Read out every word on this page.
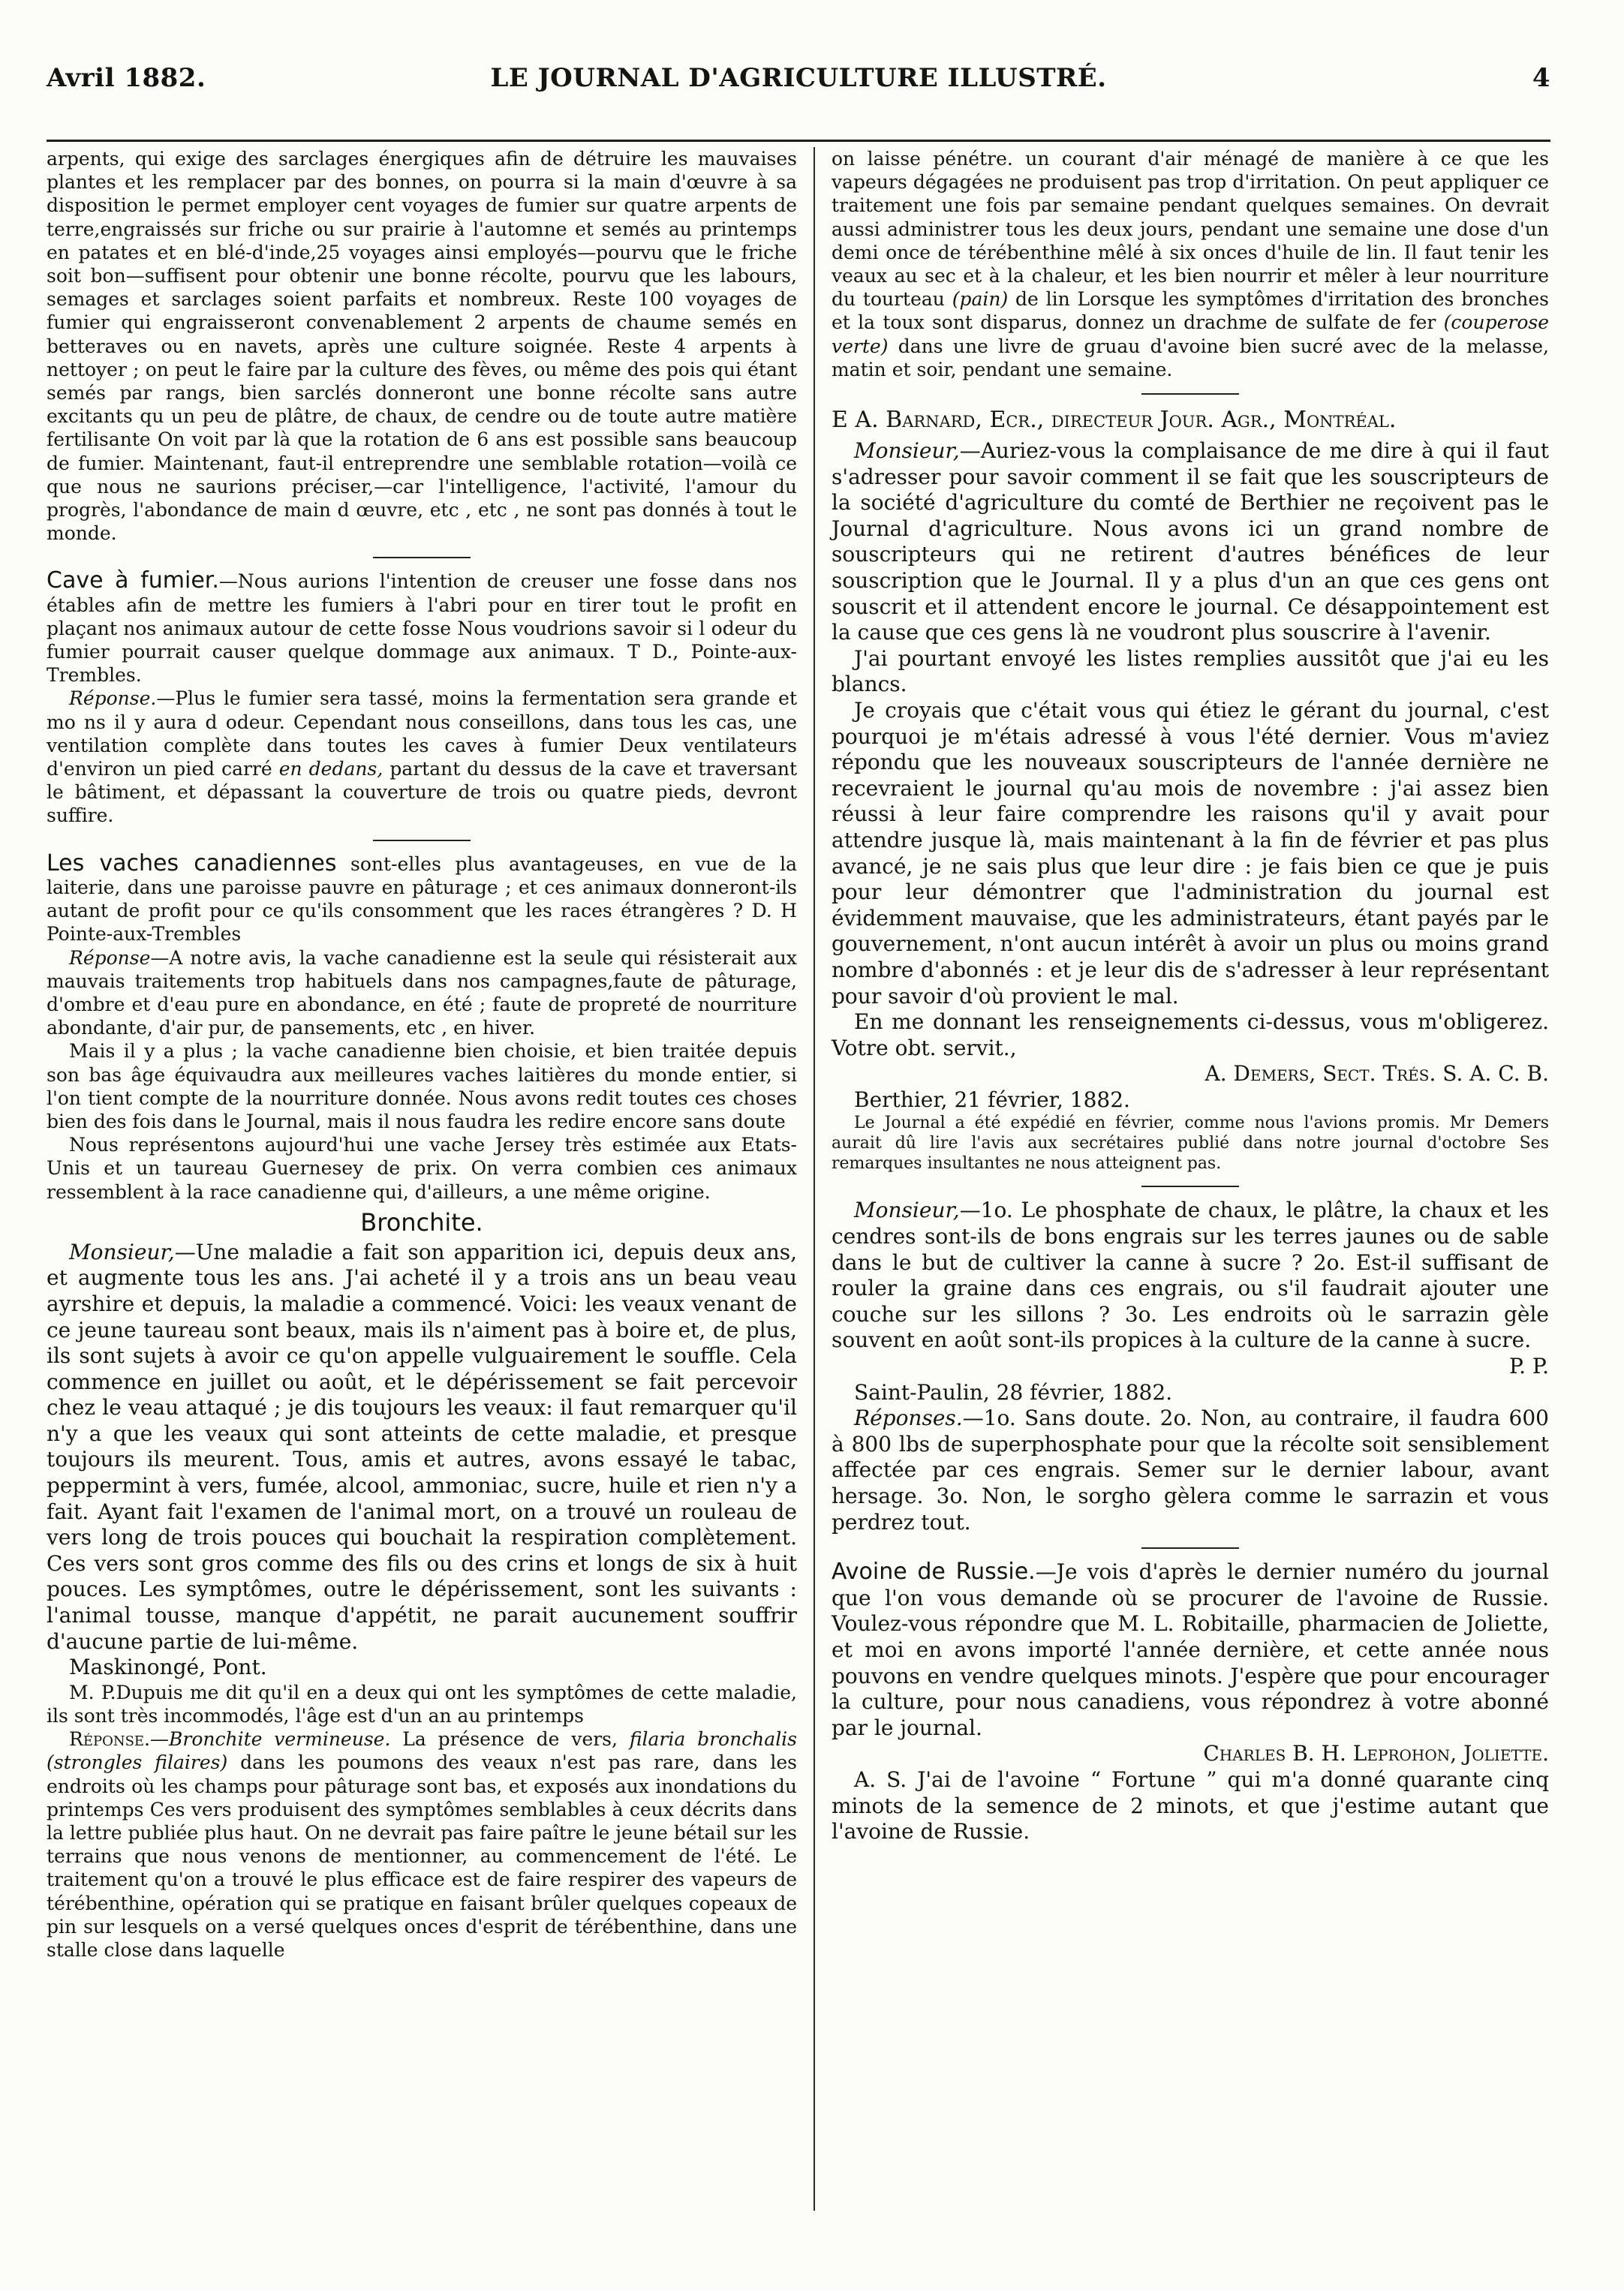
Avril 1882.	LE JOURNAL D'AGRICULTURE ILLUSTRÉ.	4

arpents, qui exige des sarclages énergiques afin de détruire les mauvaises plantes et les remplacer par des bonnes, on pourra si la main d'œuvre à sa disposition le permet employer cent voyages de fumier sur quatre arpents de terre,engraissés sur friche ou sur prairie à l'automne et semés au printemps en patates et en blé-d'inde,25 voyages ainsi employés—pourvu que le friche soit bon—suffisent pour obtenir une bonne récolte, pourvu que les labours, semages et sarclages soient parfaits et nombreux. Reste 100 voyages de fumier qui engraisseront convenablement 2 arpents de chaume semés en betteraves ou en navets, après une culture soignée. Reste 4 arpents à nettoyer ; on peut le faire par la culture des fèves, ou même des pois qui étant semés par rangs, bien sarclés donneront une bonne récolte sans autre excitants qu un peu de plâtre, de chaux, de cendre ou de toute autre matière fertilisante On voit par là que la rotation de 6 ans est possible sans beaucoup de fumier. Maintenant, faut-il entreprendre une semblable rotation—voilà ce que nous ne saurions préciser,—car l'intelligence, l'activité, l'amour du progrès, l'abondance de main d œuvre, etc , etc , ne sont pas donnés à tout le monde.

Cave à fumier.—Nous aurions l'intention de creuser une fosse dans nos étables afin de mettre les fumiers à l'abri pour en tirer tout le profit en plaçant nos animaux autour de cette fosse Nous voudrions savoir si l odeur du fumier pourrait causer quelque dommage aux animaux. T D., Pointe-aux-Trembles.

Réponse.—Plus le fumier sera tassé, moins la fermentation sera grande et mo ns il y aura d odeur. Cependant nous conseillons, dans tous les cas, une ventilation complète dans toutes les caves à fumier Deux ventilateurs d'environ un pied carré en dedans, partant du dessus de la cave et traversant le bâtiment, et dépassant la couverture de trois ou quatre pieds, devront suffire.

Les vaches canadiennes sont-elles plus avantageuses, en vue de la laiterie, dans une paroisse pauvre en pâturage ; et ces animaux donneront-ils autant de profit pour ce qu'ils consomment que les races étrangères ? D. H Pointe-aux-Trembles

Réponse—A notre avis, la vache canadienne est la seule qui résisterait aux mauvais traitements trop habituels dans nos campagnes,faute de pâturage, d'ombre et d'eau pure en abondance, en été ; faute de propreté de nourriture abondante, d'air pur, de pansements, etc , en hiver.

Mais il y a plus ; la vache canadienne bien choisie, et bien traitée depuis son bas âge équivaudra aux meilleures vaches laitières du monde entier, si l'on tient compte de la nourriture donnée. Nous avons redit toutes ces choses bien des fois dans le Journal, mais il nous faudra les redire encore sans doute

Nous représentons aujourd'hui une vache Jersey très estimée aux Etats-Unis et un taureau Guernesey de prix. On verra combien ces animaux ressemblent à la race canadienne qui, d'ailleurs, a une même origine.

Bronchite.

Monsieur,—Une maladie a fait son apparition ici, depuis deux ans, et augmente tous les ans. J'ai acheté il y a trois ans un beau veau ayrshire et depuis, la maladie a commencé. Voici: les veaux venant de ce jeune taureau sont beaux, mais ils n'aiment pas à boire et, de plus, ils sont sujets à avoir ce qu'on appelle vulguairement le souffle. Cela commence en juillet ou août, et le dépérissement se fait percevoir chez le veau attaqué ; je dis toujours les veaux: il faut remarquer qu'il n'y a que les veaux qui sont atteints de cette maladie, et presque toujours ils meurent. Tous, amis et autres, avons essayé le tabac, peppermint à vers, fumée, alcool, ammoniac, sucre, huile et rien n'y a fait. Ayant fait l'examen de l'animal mort, on a trouvé un rouleau de vers long de trois pouces qui bouchait la respiration complètement. Ces vers sont gros comme des fils ou des crins et longs de six à huit pouces. Les symptômes, outre le dépérissement, sont les suivants : l'animal tousse, manque d'appétit, ne parait aucunement souffrir d'aucune partie de lui-même.

Maskinongé, Pont.

M. P.Dupuis me dit qu'il en a deux qui ont les symptômes de cette maladie, ils sont très incommodés, l'âge est d'un an au printemps

Réponse.—Bronchite vermineuse. La présence de vers, filaria bronchalis (strongles filaires) dans les poumons des veaux n'est pas rare, dans les endroits où les champs pour pâturage sont bas, et exposés aux inondations du printemps Ces vers produisent des symptômes semblables à ceux décrits dans la lettre publiée plus haut. On ne devrait pas faire paître le jeune bétail sur les terrains que nous venons de mentionner, au commencement de l'été. Le traitement qu'on a trouvé le plus efficace est de faire respirer des vapeurs de térébenthine, opération qui se pratique en faisant brûler quelques copeaux de pin sur lesquels on a versé quelques onces d'esprit de térébenthine, dans une stalle close dans laquelle

on laisse pénétre. un courant d'air ménagé de manière à ce que les vapeurs dégagées ne produisent pas trop d'irritation. On peut appliquer ce traitement une fois par semaine pendant quelques semaines. On devrait aussi administrer tous les deux jours, pendant une semaine une dose d'un demi once de térébenthine mêlé à six onces d'huile de lin. Il faut tenir les veaux au sec et à la chaleur, et les bien nourrir et mêler à leur nourriture du tourteau (pain) de lin Lorsque les symptômes d'irritation des bronches et la toux sont disparus, donnez un drachme de sulfate de fer (couperose verte) dans une livre de gruau d'avoine bien sucré avec de la melasse, matin et soir, pendant une semaine.

E A. Barnard, Ecr., directeur Jour. Agr., Montréal.

Monsieur,—Auriez-vous la complaisance de me dire à qui il faut s'adresser pour savoir comment il se fait que les souscripteurs de la société d'agriculture du comté de Berthier ne reçoivent pas le Journal d'agriculture. Nous avons ici un grand nombre de souscripteurs qui ne retirent d'autres bénéfices de leur souscription que le Journal. Il y a plus d'un an que ces gens ont souscrit et il attendent encore le journal. Ce désappointement est la cause que ces gens là ne voudront plus souscrire à l'avenir.

J'ai pourtant envoyé les listes remplies aussitôt que j'ai eu les blancs.

Je croyais que c'était vous qui étiez le gérant du journal, c'est pourquoi je m'étais adressé à vous l'été dernier. Vous m'aviez répondu que les nouveaux souscripteurs de l'année dernière ne recevraient le journal qu'au mois de novembre : j'ai assez bien réussi à leur faire comprendre les raisons qu'il y avait pour attendre jusque là, mais maintenant à la fin de février et pas plus avancé, je ne sais plus que leur dire : je fais bien ce que je puis pour leur démontrer que l'administration du journal est évidemment mauvaise, que les administrateurs, étant payés par le gouvernement, n'ont aucun intérêt à avoir un plus ou moins grand nombre d'abonnés : et je leur dis de s'adresser à leur représentant pour savoir d'où provient le mal.

En me donnant les renseignements ci-dessus, vous m'obligerez. Votre obt. servit.,

A. Demers, Sect. Trés. S. A. C. B.

Berthier, 21 février, 1882.

Le Journal a été expédié en février, comme nous l'avions promis. Mr Demers aurait dû lire l'avis aux secrétaires publié dans notre journal d'octobre Ses remarques insultantes ne nous atteignent pas.

Monsieur,—1o. Le phosphate de chaux, le plâtre, la chaux et les cendres sont-ils de bons engrais sur les terres jaunes ou de sable dans le but de cultiver la canne à sucre ? 2o. Est-il suffisant de rouler la graine dans ces engrais, ou s'il faudrait ajouter une couche sur les sillons ? 3o. Les endroits où le sarrazin gèle souvent en août sont-ils propices à la culture de la canne à sucre.

P. P.

Saint-Paulin, 28 février, 1882.

Réponses.—1o. Sans doute. 2o. Non, au contraire, il faudra 600 à 800 lbs de superphosphate pour que la récolte soit sensiblement affectée par ces engrais. Semer sur le dernier labour, avant hersage. 3o. Non, le sorgho gèlera comme le sarrazin et vous perdrez tout.

Avoine de Russie.—Je vois d'après le dernier numéro du journal que l'on vous demande où se procurer de l'avoine de Russie. Voulez-vous répondre que M. L. Robitaille, pharmacien de Joliette, et moi en avons importé l'année dernière, et cette année nous pouvons en vendre quelques minots. J'espère que pour encourager la culture, pour nous canadiens, vous répondrez à votre abonné par le journal.

Charles B. H. Leprohon, Joliette.

A. S. J'ai de l'avoine “ Fortune ” qui m'a donné quarante cinq minots de la semence de 2 minots, et que j'estime autant que l'avoine de Russie.
